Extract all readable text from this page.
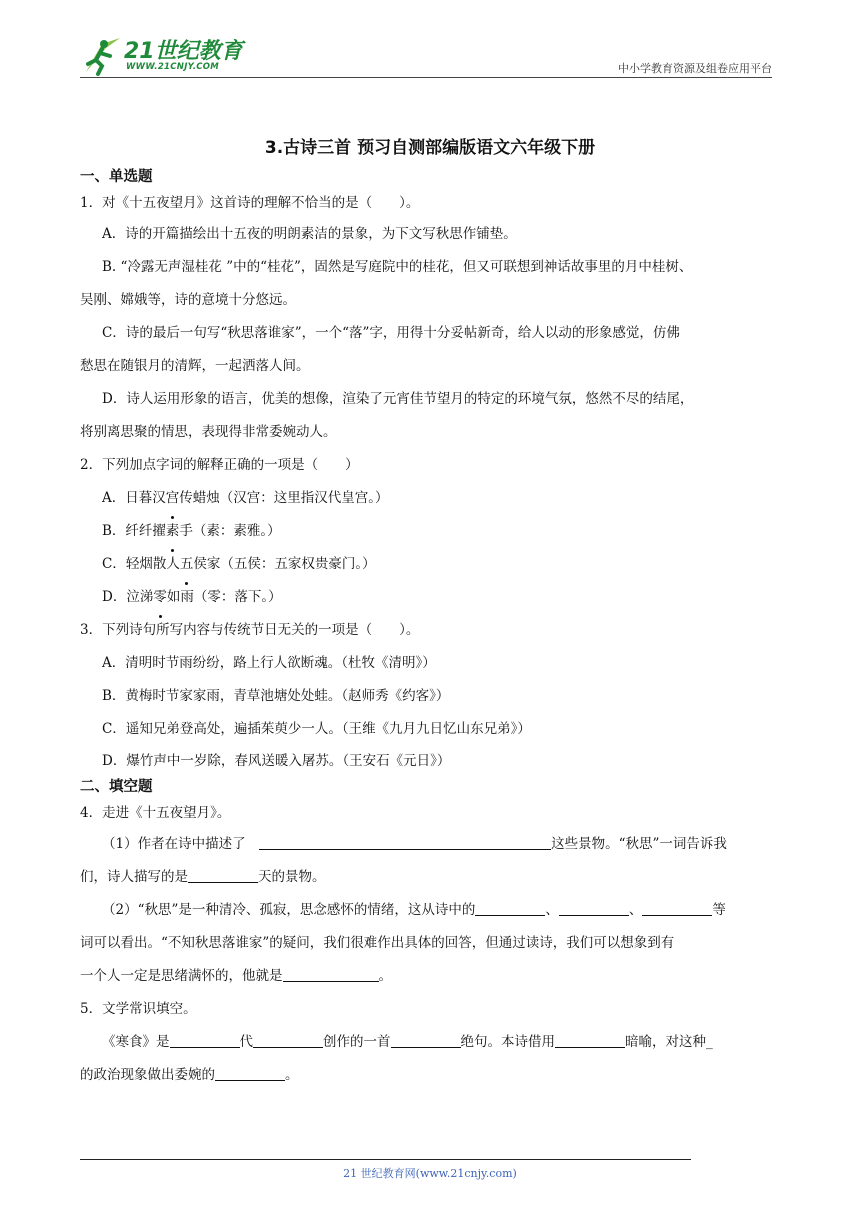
21世纪教育
WWW.21CNJY.COM	中小学教育资源及组卷应用平台
3.古诗三首 预习自测部编版语文六年级下册

一、单选题

1．对《十五夜望月》这首诗的理解不恰当的是（　　）。

A．诗的开篇描绘出十五夜的明朗素洁的景象，为下文写秋思作铺垫。

B. “冷露无声湿桂花 ”中的“桂花”，固然是写庭院中的桂花，但又可联想到神话故事里的月中桂树、

吴刚、嫦娥等，诗的意境十分悠远。

C．诗的最后一句写“秋思落谁家”，一个“落”字，用得十分妥帖新奇，给人以动的形象感觉，仿佛

愁思在随银月的清辉，一起洒落人间。

D．诗人运用形象的语言，优美的想像，渲染了元宵佳节望月的特定的环境气氛，悠然不尽的结尾，

将别离思聚的情思，表现得非常委婉动人。

2．下列加点字词的解释正确的一项是（　　）

A．日暮汉宫传蜡烛（汉宫：这里指汉代皇宫。）

B．纤纤擢素手（素：素雅。）

C．轻烟散人五侯家（五侯：五家权贵豪门。）

D．泣涕零如雨（零：落下。）

3．下列诗句所写内容与传统节日无关的一项是（　　）。

A．清明时节雨纷纷，路上行人欲断魂。（杜牧《清明》）

B．黄梅时节家家雨，青草池塘处处蛙。（赵师秀《约客》）

C．遥知兄弟登高处，遍插茱萸少一人。（王维《九月九日忆山东兄弟》）

D．爆竹声中一岁除，春风送暖入屠苏。（王安石《元日》）

二、填空题

4．走进《十五夜望月》。

（1）作者在诗中描述了　	这些景物。“秋思”一词告诉我

们，诗人描写的是	天的景物。

（2）“秋思”是一种清冷、孤寂，思念感怀的情绪，这从诗中的	、	、	等

词可以看出。“不知秋思落谁家”的疑问，我们很难作出具体的回答，但通过读诗，我们可以想象到有

一个人一定是思绪满怀的，他就是	。

5．文学常识填空。

《寒食》是	代	创作的一首	绝句。本诗借用	暗喻，对这种_

的政治现象做出委婉的	。

21 世纪教育网(www.21cnjy.com)
